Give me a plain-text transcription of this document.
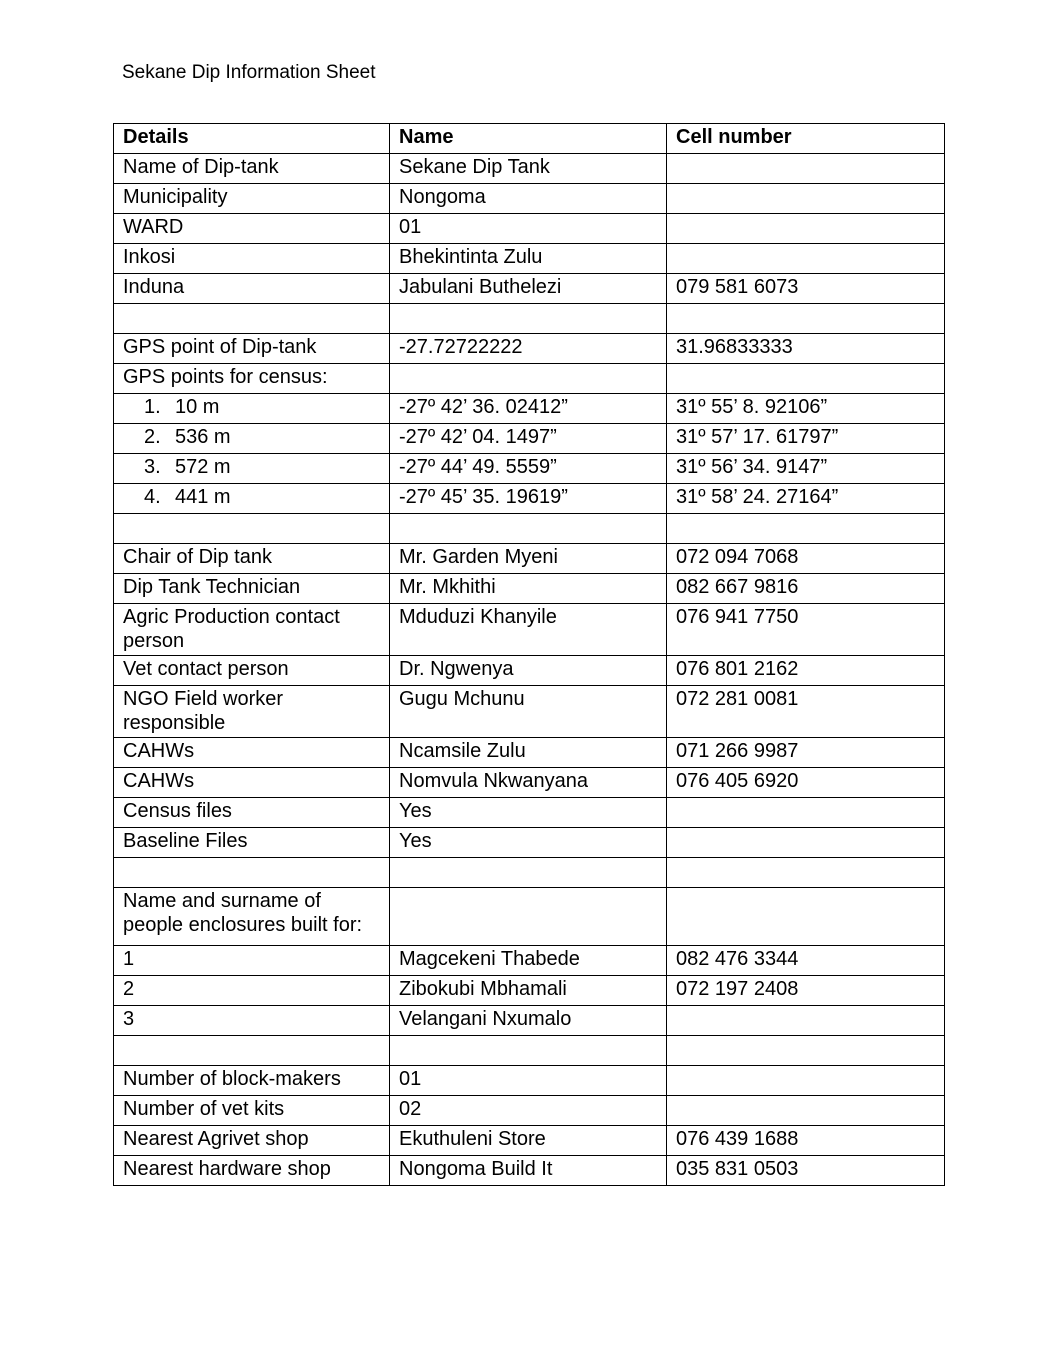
Sekane Dip Information Sheet
Details	Name	Cell number
Name of Dip-tank	Sekane Dip Tank	
Municipality	Nongoma	
WARD	01	
Inkosi	Bhekintinta Zulu	
Induna	Jabulani Buthelezi	079 581 6073

GPS point of Dip-tank	-27.72722222	31.96833333
GPS points for census:		
1. 10 m	-27º 42’ 36. 02412”	31º 55’ 8. 92106”
2. 536 m	-27º 42’ 04. 1497”	31º 57’ 17. 61797”
3. 572 m	-27º 44’ 49. 5559”	31º 56’ 34. 9147”
4. 441 m	-27º 45’ 35. 19619”	31º 58’ 24. 27164”

Chair of Dip tank	Mr. Garden Myeni	072 094 7068
Dip Tank Technician	Mr. Mkhithi	082 667 9816
Agric Production contact person	Mduduzi Khanyile	076 941 7750
Vet contact person	Dr. Ngwenya	076 801 2162
NGO Field worker responsible	Gugu Mchunu	072 281 0081
CAHWs	Ncamsile Zulu	071 266 9987
CAHWs	Nomvula Nkwanyana	076 405 6920
Census files	Yes	
Baseline Files	Yes	

Name and surname of people enclosures built for:		
1	Magcekeni Thabede	082 476 3344
2	Zibokubi Mbhamali	072 197 2408
3	Velangani Nxumalo	

Number of block-makers	01	
Number of vet kits	02	
Nearest Agrivet shop	Ekuthuleni Store	076 439 1688
Nearest hardware shop	Nongoma Build It	035 831 0503
